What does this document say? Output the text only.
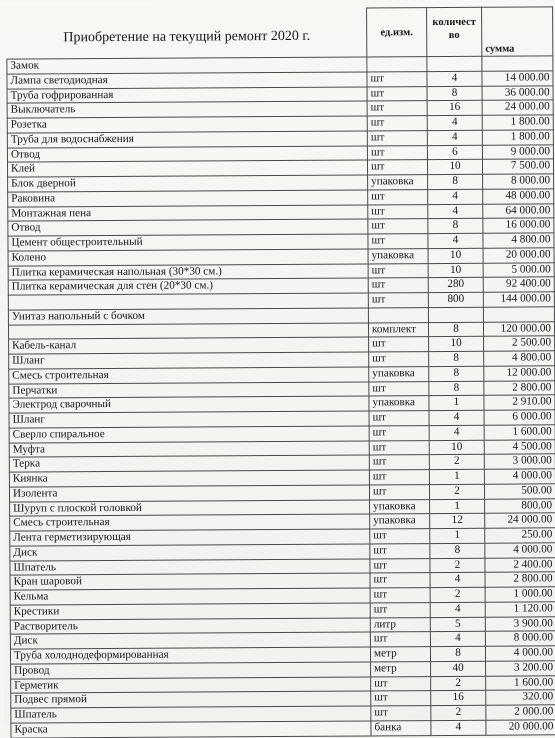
Приобретение на текущий ремонт 2020 г.	ед.изм.	количест во	сумма
Замок			
Лампа светодиодная	шт	4	14 000.00
Труба гофрированная	шт	8	36 000.00
Выключатель	шт	16	24 000.00
Розетка	шт	4	1 800.00
Труба для водоснабжения	шт	4	1 800.00
Отвод	шт	6	9 000.00
Клей	шт	10	7 500.00
Блок дверной	упаковка	8	8 000.00
Раковина	шт	4	48 000.00
Монтажная пена	шт	4	64 000.00
Отвод	шт	8	16 000.00
Цемент общестроительный	шт	4	4 800.00
Колено	упаковка	10	20 000.00
Плитка керамическая напольная (30*30 см.)	шт	10	5 000.00
Плитка керамическая для стен (20*30 см.)	шт	280	92 400.00
	шт	800	144 000.00
Унитаз напольный с бочком			
	комплект	8	120 000.00
Кабель-канал	шт	10	2 500.00
Шланг	шт	8	4 800.00
Смесь строительная	упаковка	8	12 000.00
Перчатки	шт	8	2 800.00
Электрод сварочный	упаковка	1	2 910.00
Шланг	шт	4	6 000.00
Сверло спиральное	шт	4	1 600.00
Муфта	шт	10	4 500.00
Терка	шт	2	3 000.00
Киянка	шт	1	4 000.00
Изолента	шт	2	500.00
Шуруп с плоской головкой	упаковка	1	800.00
Смесь строительная	упаковка	12	24 000.00
Лента герметизирующая	шт	1	250.00
Диск	шт	8	4 000.00
Шпатель	шт	2	2 400.00
Кран шаровой	шт	4	2 800.00
Кельма	шт	2	1 000.00
Крестики	шт	4	1 120.00
Растворитель	литр	5	3 900.00
Диск	шт	4	8 000.00
Труба холоднодеформированная	метр	8	4 000.00
Провод	метр	40	3 200.00
Герметик	шт	2	1 600.00
Подвес прямой	шт	16	320.00
Шпатель	шт	2	2 000.00
Краска	банка	4	20 000.00
